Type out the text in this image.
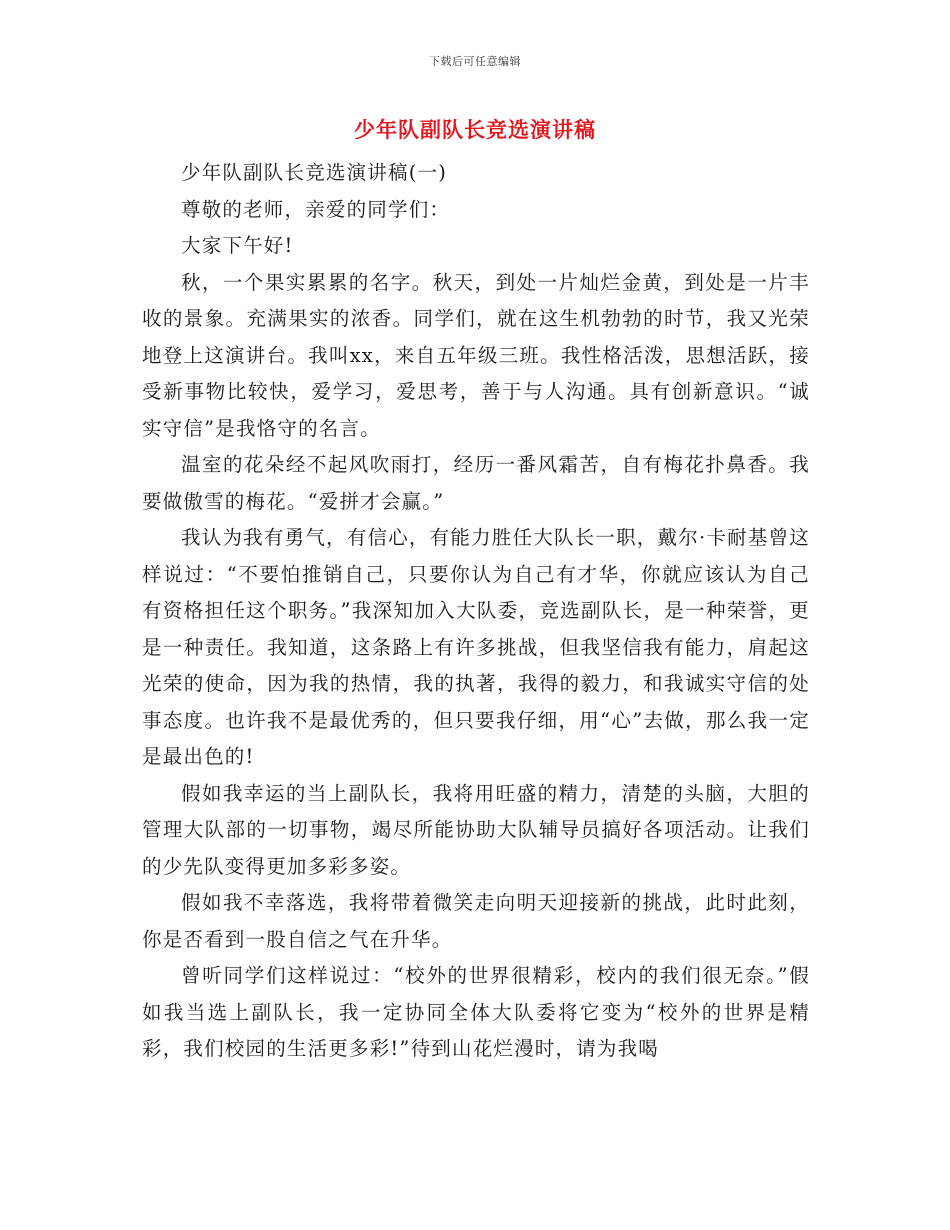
下载后可任意编辑
少年队副队长竞选演讲稿

少年队副队长竞选演讲稿(一)

尊敬的老师，亲爱的同学们：

大家下午好!

秋，一个果实累累的名字。秋天，到处一片灿烂金黄，到处是一片丰收的景象。充满果实的浓香。同学们，就在这生机勃勃的时节，我又光荣地登上这演讲台。我叫xx，来自五年级三班。我性格活泼，思想活跃，接受新事物比较快，爱学习，爱思考，善于与人沟通。具有创新意识。“诚实守信”是我恪守的名言。

温室的花朵经不起风吹雨打，经历一番风霜苦，自有梅花扑鼻香。我要做傲雪的梅花。“爱拼才会赢。”

我认为我有勇气，有信心，有能力胜任大队长一职，戴尔·卡耐基曾这样说过：“不要怕推销自己，只要你认为自己有才华，你就应该认为自己有资格担任这个职务。”我深知加入大队委，竞选副队长，是一种荣誉，更是一种责任。我知道，这条路上有许多挑战，但我坚信我有能力，肩起这光荣的使命，因为我的热情，我的执著，我得的毅力，和我诚实守信的处事态度。也许我不是最优秀的，但只要我仔细，用“心”去做，那么我一定是最出色的!

假如我幸运的当上副队长，我将用旺盛的精力，清楚的头脑，大胆的管理大队部的一切事物，竭尽所能协助大队辅导员搞好各项活动。让我们的少先队变得更加多彩多姿。

假如我不幸落选，我将带着微笑走向明天迎接新的挑战，此时此刻，你是否看到一股自信之气在升华。

曾听同学们这样说过：“校外的世界很精彩，校内的我们很无奈。”假如我当选上副队长，我一定协同全体大队委将它变为“校外的世界是精彩，我们校园的生活更多彩!”待到山花烂漫时，请为我喝
